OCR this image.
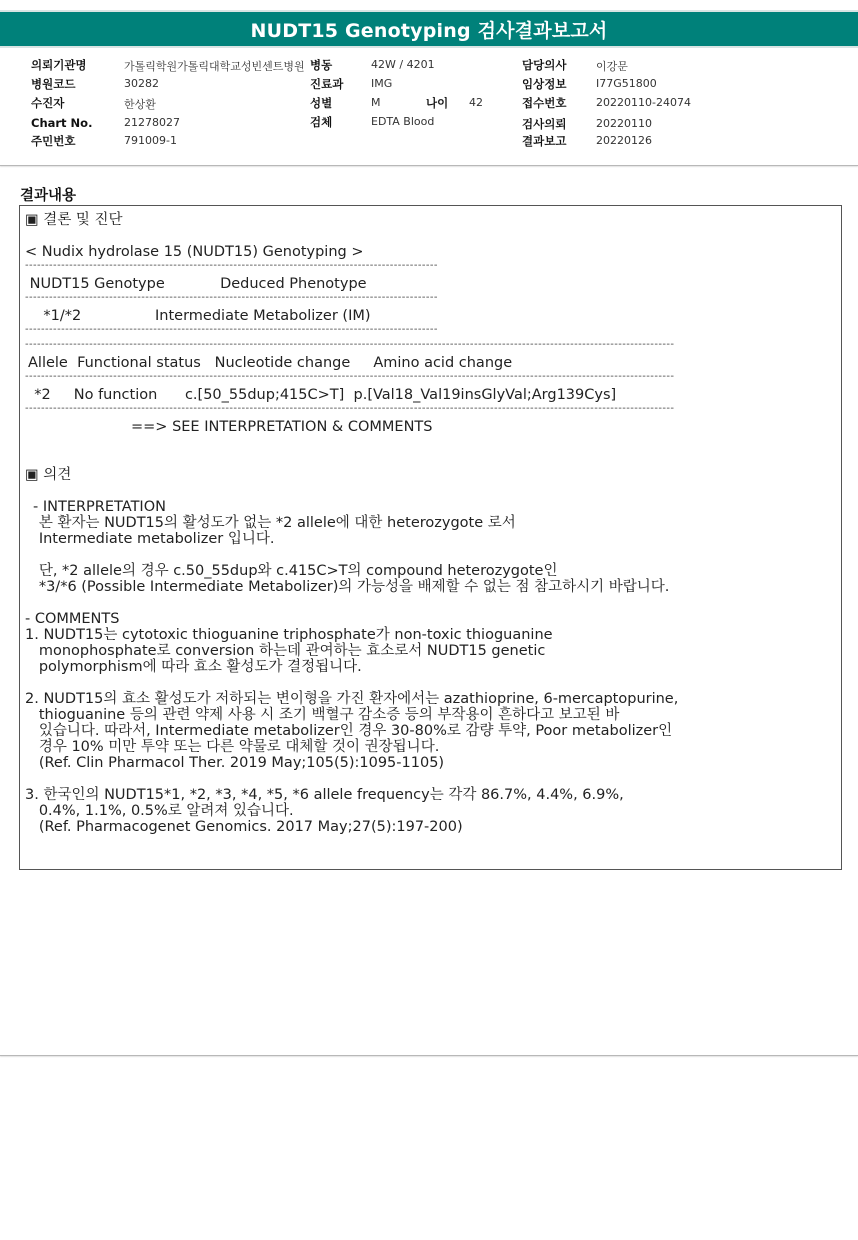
NUDT15 Genotyping 검사결과보고서
의뢰기관명	가톨릭학원가톨릭대학교성빈센트병원
병원코드	30282
수진자	한상환
Chart No.	21278027
주민번호	791009-1
병동	42W / 4201
진료과	IMG
성별	M	나이 42
검체	EDTA Blood
담당의사	이강문
임상정보	I77G51800
접수번호	20220110-24074
검사의뢰	20220110
결과보고	20220126
결과내용
▣ 결론 및 진단
< Nudix hydrolase 15 (NUDT15) Genotyping >
-------------------------------------------------------------------------------------------------------
NUDT15 Genotype            Deduced Phenotype
-------------------------------------------------------------------------------------------------------
*1/*2                Intermediate Metabolizer (IM)
-------------------------------------------------------------------------------------------------------
------------------------------------------------------------------------------------------------------------------------------------------------------------------
Allele  Functional status   Nucleotide change     Amino acid change
------------------------------------------------------------------------------------------------------------------------------------------------------------------
*2     No function      c.[50_55dup;415C>T]  p.[Val18_Val19insGlyVal;Arg139Cys]
------------------------------------------------------------------------------------------------------------------------------------------------------------------
==> SEE INTERPRETATION & COMMENTS
▣ 의견
- INTERPRETATION
본 환자는 NUDT15의 활성도가 없는 *2 allele에 대한 heterozygote 로서
Intermediate metabolizer 입니다.
단, *2 allele의 경우 c.50_55dup와 c.415C>T의 compound heterozygote인
*3/*6 (Possible Intermediate Metabolizer)의 가능성을 배제할 수 없는 점 참고하시기 바랍니다.
- COMMENTS
1. NUDT15는 cytotoxic thioguanine triphosphate가 non-toxic thioguanine
monophosphate로 conversion 하는데 관여하는 효소로서 NUDT15 genetic
polymorphism에 따라 효소 활성도가 결정됩니다.
2. NUDT15의 효소 활성도가 저하되는 변이형을 가진 환자에서는 azathioprine, 6-mercaptopurine,
thioguanine 등의 관련 약제 사용 시 조기 백혈구 감소증 등의 부작용이 흔하다고 보고된 바
있습니다. 따라서, Intermediate metabolizer인 경우 30-80%로 감량 투약, Poor metabolizer인
경우 10% 미만 투약 또는 다른 약물로 대체할 것이 권장됩니다.
(Ref. Clin Pharmacol Ther. 2019 May;105(5):1095-1105)
3. 한국인의 NUDT15*1, *2, *3, *4, *5, *6 allele frequency는 각각 86.7%, 4.4%, 6.9%,
0.4%, 1.1%, 0.5%로 알려져 있습니다.
(Ref. Pharmacogenet Genomics. 2017 May;27(5):197-200)
